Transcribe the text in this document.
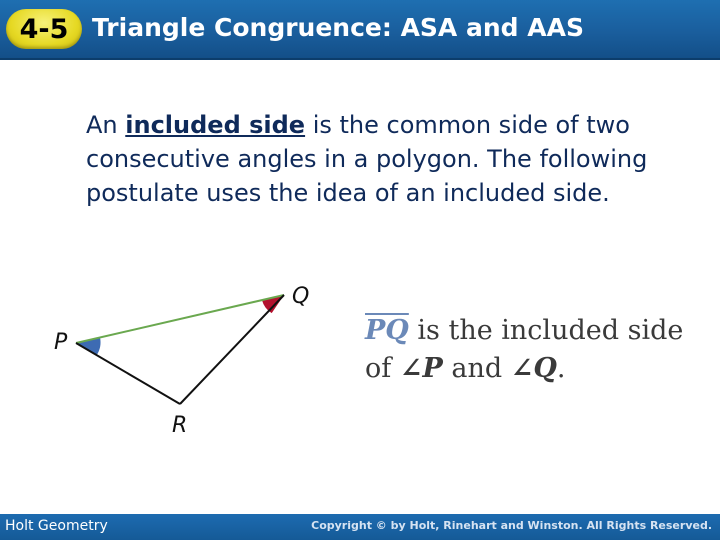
4-5 Triangle Congruence: ASA and AAS
An included side is the common side of two consecutive angles in a polygon. The following postulate uses the idea of an included side.
P
Q
R
$\overline{PQ}$ is the included side
of ∠P and ∠Q.
Holt Geometry	Copyright © by Holt, Rinehart and Winston. All Rights Reserved.
